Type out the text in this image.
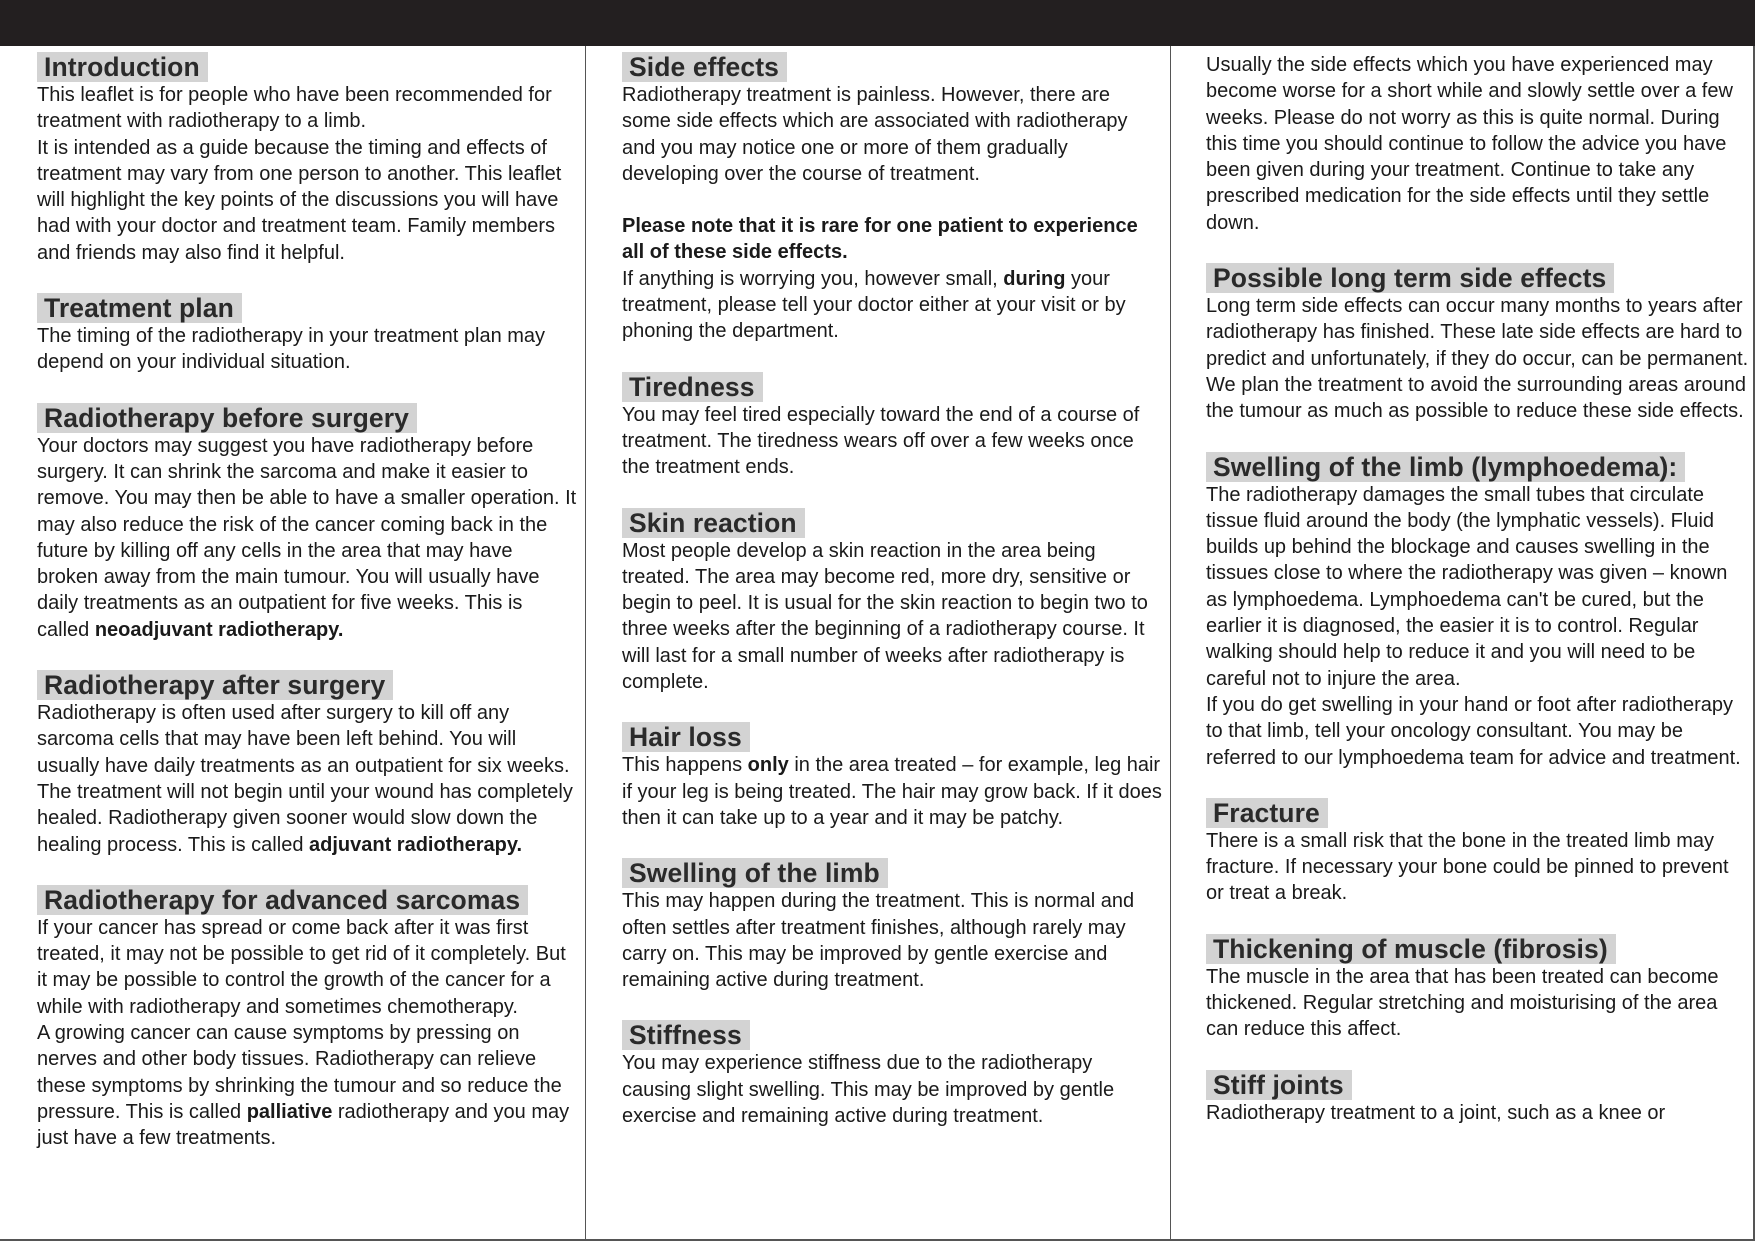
Introduction

This leaflet is for people who have been recommended for treatment with radiotherapy to a limb.

It is intended as a guide because the timing and effects of treatment may vary from one person to another. This leaflet will highlight the key points of the discussions you will have had with your doctor and treatment team. Family members and friends may also find it helpful.

Treatment plan

The timing of the radiotherapy in your treatment plan may depend on your individual situation.

Radiotherapy before surgery

Your doctors may suggest you have radiotherapy before surgery. It can shrink the sarcoma and make it easier to remove. You may then be able to have a smaller operation. It may also reduce the risk of the cancer coming back in the future by killing off any cells in the area that may have broken away from the main tumour. You will usually have daily treatments as an outpatient for five weeks. This is called neoadjuvant radiotherapy.

Radiotherapy after surgery

Radiotherapy is often used after surgery to kill off any sarcoma cells that may have been left behind. You will usually have daily treatments as an outpatient for six weeks. The treatment will not begin until your wound has completely healed. Radiotherapy given sooner would slow down the healing process. This is called adjuvant radiotherapy.

Radiotherapy for advanced sarcomas

If your cancer has spread or come back after it was first treated, it may not be possible to get rid of it completely. But it may be possible to control the growth of the cancer for a while with radiotherapy and sometimes chemotherapy.

A growing cancer can cause symptoms by pressing on nerves and other body tissues. Radiotherapy can relieve these symptoms by shrinking the tumour and so reduce the pressure. This is called palliative radiotherapy and you may just have a few treatments.

Side effects

Radiotherapy treatment is painless. However, there are some side effects which are associated with radiotherapy and you may notice one or more of them gradually developing over the course of treatment.

Please note that it is rare for one patient to experience all of these side effects.

If anything is worrying you, however small, during your treatment, please tell your doctor either at your visit or by phoning the department.

Tiredness

You may feel tired especially toward the end of a course of treatment. The tiredness wears off over a few weeks once the treatment ends.

Skin reaction

Most people develop a skin reaction in the area being treated. The area may become red, more dry, sensitive or begin to peel. It is usual for the skin reaction to begin two to three weeks after the beginning of a radiotherapy course. It will last for a small number of weeks after radiotherapy is complete.

Hair loss

This happens only in the area treated – for example, leg hair if your leg is being treated. The hair may grow back. If it does then it can take up to a year and it may be patchy.

Swelling of the limb

This may happen during the treatment. This is normal and often settles after treatment finishes, although rarely may carry on. This may be improved by gentle exercise and remaining active during treatment.

Stiffness

You may experience stiffness due to the radiotherapy causing slight swelling. This may be improved by gentle exercise and remaining active during treatment.

Usually the side effects which you have experienced may become worse for a short while and slowly settle over a few weeks. Please do not worry as this is quite normal. During this time you should continue to follow the advice you have been given during your treatment. Continue to take any prescribed medication for the side effects until they settle down.

Possible long term side effects

Long term side effects can occur many months to years after radiotherapy has finished. These late side effects are hard to predict and unfortunately, if they do occur, can be permanent. We plan the treatment to avoid the surrounding areas around the tumour as much as possible to reduce these side effects.

Swelling of the limb (lymphoedema):

The radiotherapy damages the small tubes that circulate tissue fluid around the body (the lymphatic vessels). Fluid builds up behind the blockage and causes swelling in the tissues close to where the radiotherapy was given – known as lymphoedema. Lymphoedema can't be cured, but the earlier it is diagnosed, the easier it is to control. Regular walking should help to reduce it and you will need to be careful not to injure the area.

If you do get swelling in your hand or foot after radiotherapy to that limb, tell your oncology consultant. You may be referred to our lymphoedema team for advice and treatment.

Fracture

There is a small risk that the bone in the treated limb may fracture. If necessary your bone could be pinned to prevent or treat a break.

Thickening of muscle (fibrosis)

The muscle in the area that has been treated can become thickened. Regular stretching and moisturising of the area can reduce this affect.

Stiff joints

Radiotherapy treatment to a joint, such as a knee or
